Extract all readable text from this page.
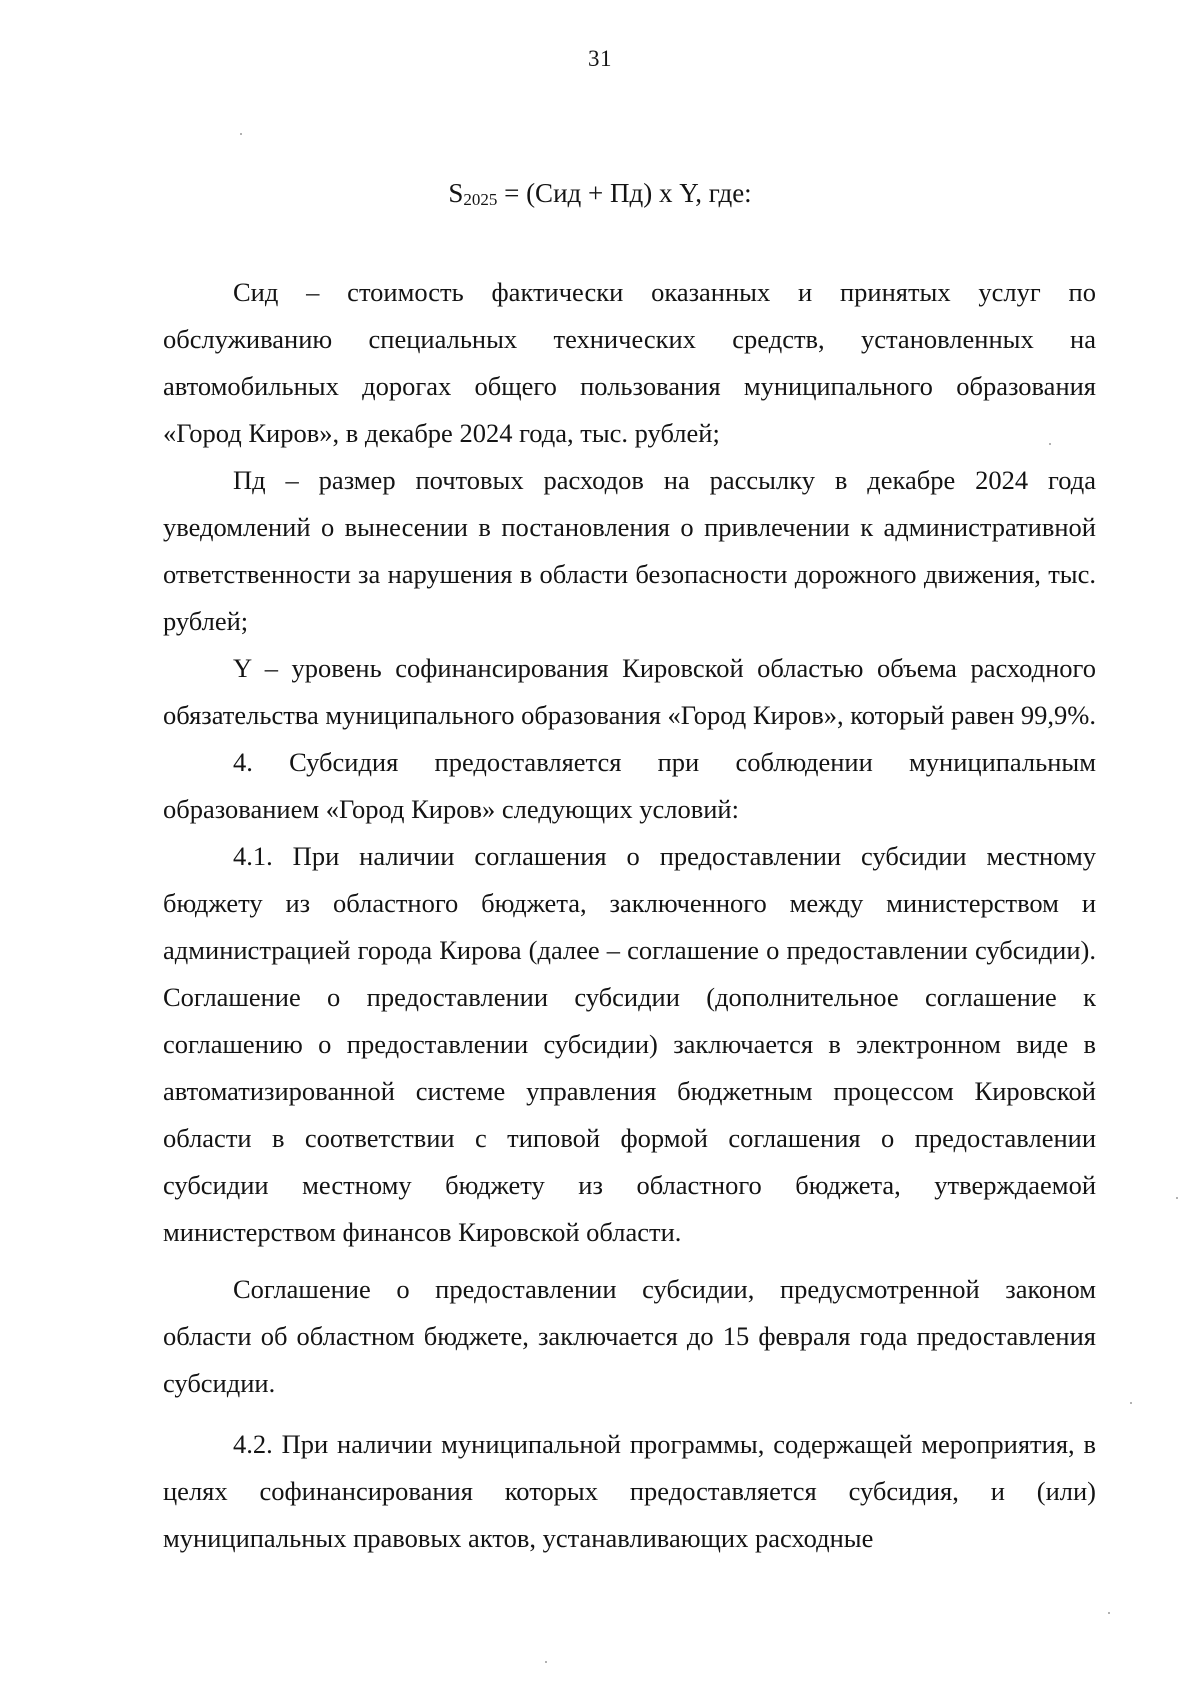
31
$S_{2025} = (Сид + Пд)$ х Y, где:

Сид – стоимость фактически оказанных и принятых услуг по обслуживанию специальных технических средств, установленных на автомобильных дорогах общего пользования муниципального образования «Город Киров», в декабре 2024 года, тыс. рублей;

Пд – размер почтовых расходов на рассылку в декабре 2024 года уведомлений о вынесении в постановления о привлечении к административной ответственности за нарушения в области безопасности дорожного движения, тыс. рублей;

Y – уровень софинансирования Кировской областью объема расходного обязательства муниципального образования «Город Киров», который равен 99,9%.

4. Субсидия предоставляется при соблюдении муниципальным образованием «Город Киров» следующих условий:

4.1. При наличии соглашения о предоставлении субсидии местному бюджету из областного бюджета, заключенного между министерством и администрацией города Кирова (далее – соглашение о предоставлении субсидии). Соглашение о предоставлении субсидии (дополнительное соглашение к соглашению о предоставлении субсидии) заключается в электронном виде в автоматизированной системе управления бюджетным процессом Кировской области в соответствии с типовой формой соглашения о предоставлении субсидии местному бюджету из областного бюджета, утверждаемой министерством финансов Кировской области.

Соглашение о предоставлении субсидии, предусмотренной законом области об областном бюджете, заключается до 15 февраля года предоставления субсидии.

4.2. При наличии муниципальной программы, содержащей мероприятия, в целях софинансирования которых предоставляется субсидия, и (или) муниципальных правовых актов, устанавливающих расходные
